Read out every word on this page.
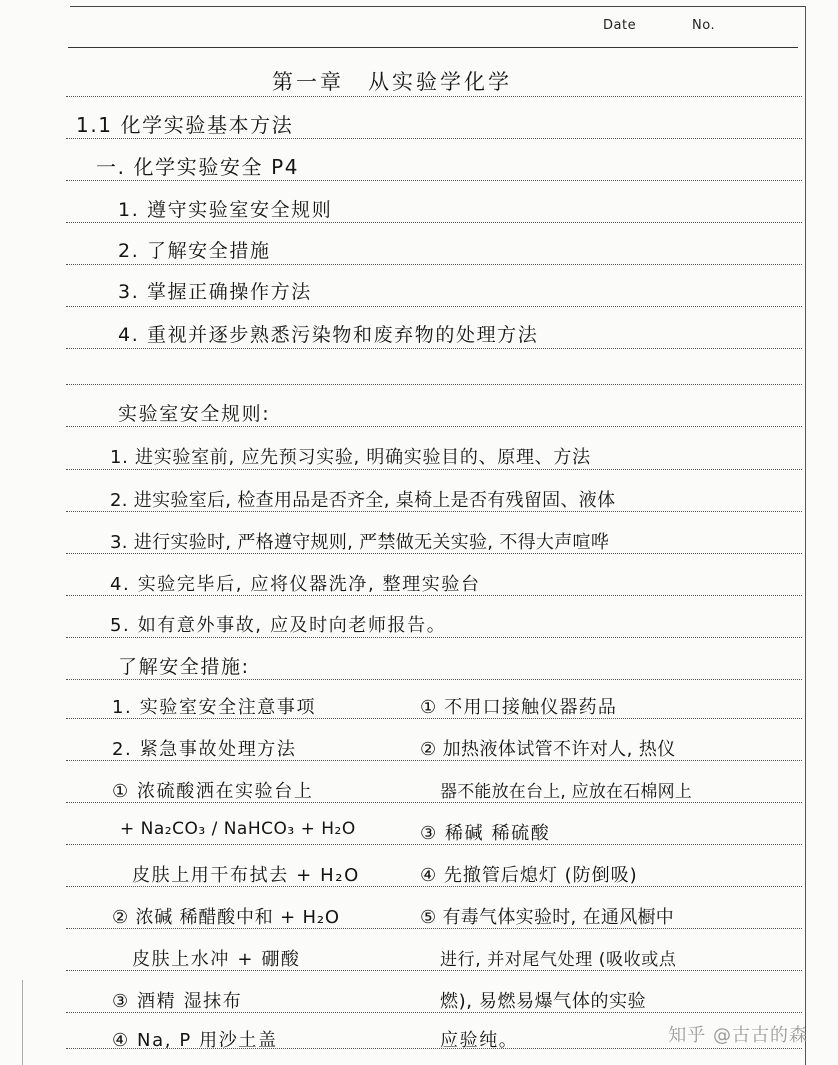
Date	No.
第一章　从实验学化学
1.1 化学实验基本方法
一. 化学实验安全 P4
1. 遵守实验室安全规则
2. 了解安全措施
3. 掌握正确操作方法
4. 重视并逐步熟悉污染物和废弃物的处理方法
实验室安全规则:
1. 进实验室前, 应先预习实验, 明确实验目的、原理、方法
2. 进实验室后, 检查用品是否齐全, 桌椅上是否有残留固、液体
3. 进行实验时, 严格遵守规则, 严禁做无关实验, 不得大声喧哗
4. 实验完毕后, 应将仪器洗净, 整理实验台
5. 如有意外事故, 应及时向老师报告。
了解安全措施:
1. 实验室安全注意事项
2. 紧急事故处理方法
① 浓硫酸洒在实验台上
+ Na₂CO₃ / NaHCO₃ + H₂O
皮肤上用干布拭去 + H₂O
② 浓碱 稀醋酸中和 + H₂O
皮肤上水冲 + 硼酸
③ 酒精 湿抹布
④ Na, P 用沙土盖
① 不用口接触仪器药品
② 加热液体试管不许对人, 热仪
器不能放在台上, 应放在石棉网上
③ 稀碱 稀硫酸
④ 先撤管后熄灯 (防倒吸)
⑤ 有毒气体实验时, 在通风橱中
进行, 并对尾气处理 (吸收或点
燃), 易燃易爆气体的实验
应验纯。	知乎 @古古的森
